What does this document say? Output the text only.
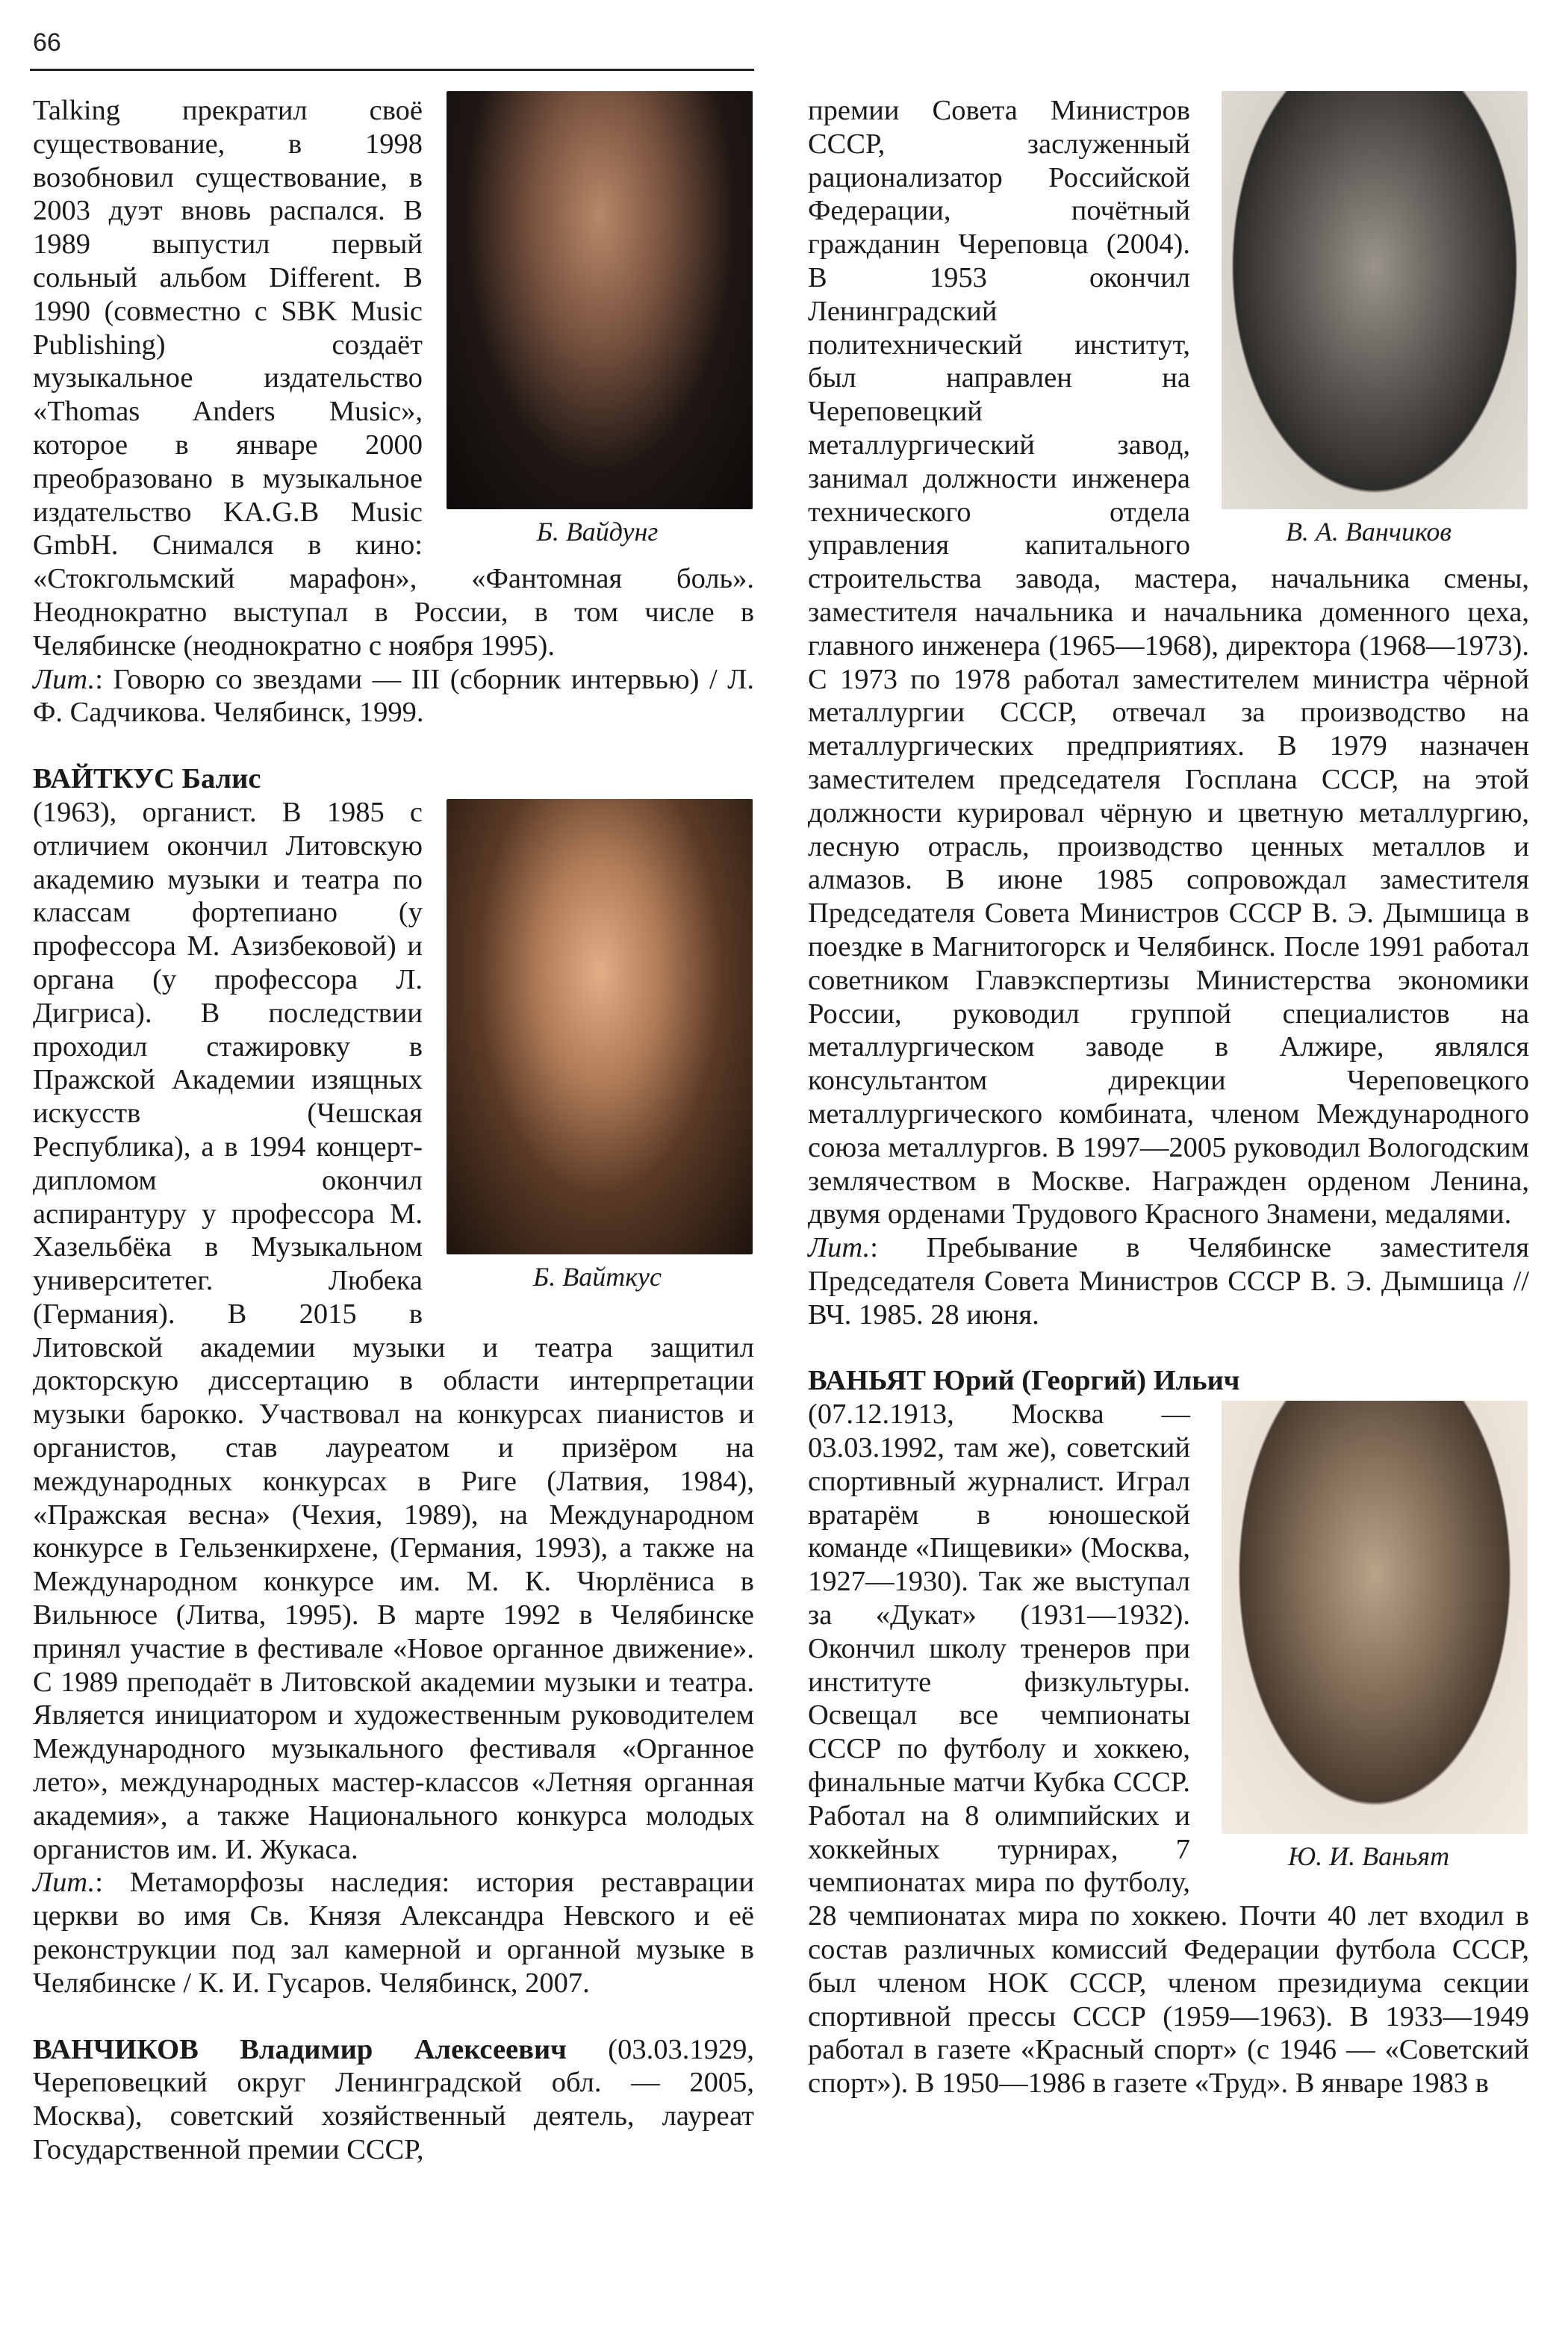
66
Б. Вайдунг

Talking прекратил своё существование, в 1998 возобновил существование, в 2003 дуэт вновь распался. В 1989 выпустил первый сольный альбом Different. В 1990 (совместно с SBK Music Publishing) создаёт музыкальное издательство «Thomas Anders Music», которое в январе 2000 преобразовано в музыкальное издательство KA.G.B Music GmbH. Снимался в кино: «Стокгольмский марафон», «Фантомная боль». Неоднократно выступал в России, в том числе в Челябинске (неоднократно с ноября 1995).

Лит.: Говорю со звездами — III (сборник интервью) / Л. Ф. Садчикова. Челябинск, 1999.

ВАЙТКУС Балис

Б. Вайткус
(1963), органист. В 1985 с отличием окончил Литовскую академию музыки и театра по классам фортепиано (у профессора М. Азизбековой) и органа (у профессора Л. Дигриса). В последствии проходил стажировку в Пражской Академии изящных искусств (Чешская Республика), а в 1994 концерт-дипломом окончил аспирантуру у профессора М. Хазельбёка в Музыкальном университетег. Любека (Германия). В 2015 в Литовской академии музыки и театра защитил докторскую диссертацию в области интерпретации музыки барокко. Участвовал на конкурсах пианистов и органистов, став лауреатом и призёром на международных конкурсах в Риге (Латвия, 1984), «Пражская весна» (Чехия, 1989), на Международном конкурсе в Гельзенкирхене, (Германия, 1993), а также на Международном конкурсе им. М. К. Чюрлёниса в Вильнюсе (Литва, 1995). В марте 1992 в Челябинске принял участие в фестивале «Новое органное движение». С 1989 преподаёт в Литовской академии музыки и театра. Является инициатором и художественным руководителем Международного музыкального фестиваля «Органное лето», международных мастер-классов «Летняя органная академия», а также Национального конкурса молодых органистов им. И. Жукаса.

Лит.: Метаморфозы наследия: история реставрации церкви во имя Св. Князя Александра Невского и её реконструкции под зал камерной и органной музыке в Челябинске / К. И. Гусаров. Челябинск, 2007.

ВАНЧИКОВ Владимир Алексеевич (03.03.1929, Череповецкий округ Ленинградской обл. — 2005, Москва), советский хозяйственный деятель, лауреат Государственной премии СССР,

В. А. Ванчиков

премии Совета Министров СССР, заслуженный рационализатор Российской Федерации, почётный гражданин Череповца (2004). В 1953 окончил Ленинградский политехнический институт, был направлен на Череповецкий металлургический завод, занимал должности инженера технического отдела управления капитального строительства завода, мастера, начальника смены, заместителя начальника и начальника доменного цеха, главного инженера (1965—1968), директора (1968—1973). С 1973 по 1978 работал заместителем министра чёрной металлургии СССР, отвечал за производство на металлургических предприятиях. В 1979 назначен заместителем председателя Госплана СССР, на этой должности курировал чёрную и цветную металлургию, лесную отрасль, производство ценных металлов и алмазов. В июне 1985 сопровождал заместителя Председателя Совета Министров СССР В. Э. Дымшица в поездке в Магнитогорск и Челябинск. После 1991 работал советником Главэкспертизы Министерства экономики России, руководил группой специалистов на металлургическом заводе в Алжире, являлся консультантом дирекции Череповецкого металлургического комбината, членом Международного союза металлургов. В 1997—2005 руководил Вологодским землячеством в Москве. Награжден орденом Ленина, двумя орденами Трудового Красного Знамени, медалями.

Лит.: Пребывание в Челябинске заместителя Председателя Совета Министров СССР В. Э. Дымшица // ВЧ. 1985. 28 июня.

ВАНЬЯТ Юрий (Георгий) Ильич

Ю. И. Ваньят
(07.12.1913, Москва — 03.03.1992, там же), советский спортивный журналист. Играл вратарём в юношеской команде «Пищевики» (Москва, 1927—1930). Так же выступал за «Дукат» (1931—1932). Окончил школу тренеров при институте физкультуры. Освещал все чемпионаты СССР по футболу и хоккею, финальные матчи Кубка СССР. Работал на 8 олимпийских и хоккейных турнирах, 7 чемпионатах мира по футболу, 28 чемпионатах мира по хоккею. Почти 40 лет входил в состав различных комиссий Федерации футбола СССР, был членом НОК СССР, членом президиума секции спортивной прессы СССР (1959—1963). В 1933—1949 работал в газете «Красный спорт» (с 1946 — «Советский спорт»). В 1950—1986 в газете «Труд». В январе 1983 в
